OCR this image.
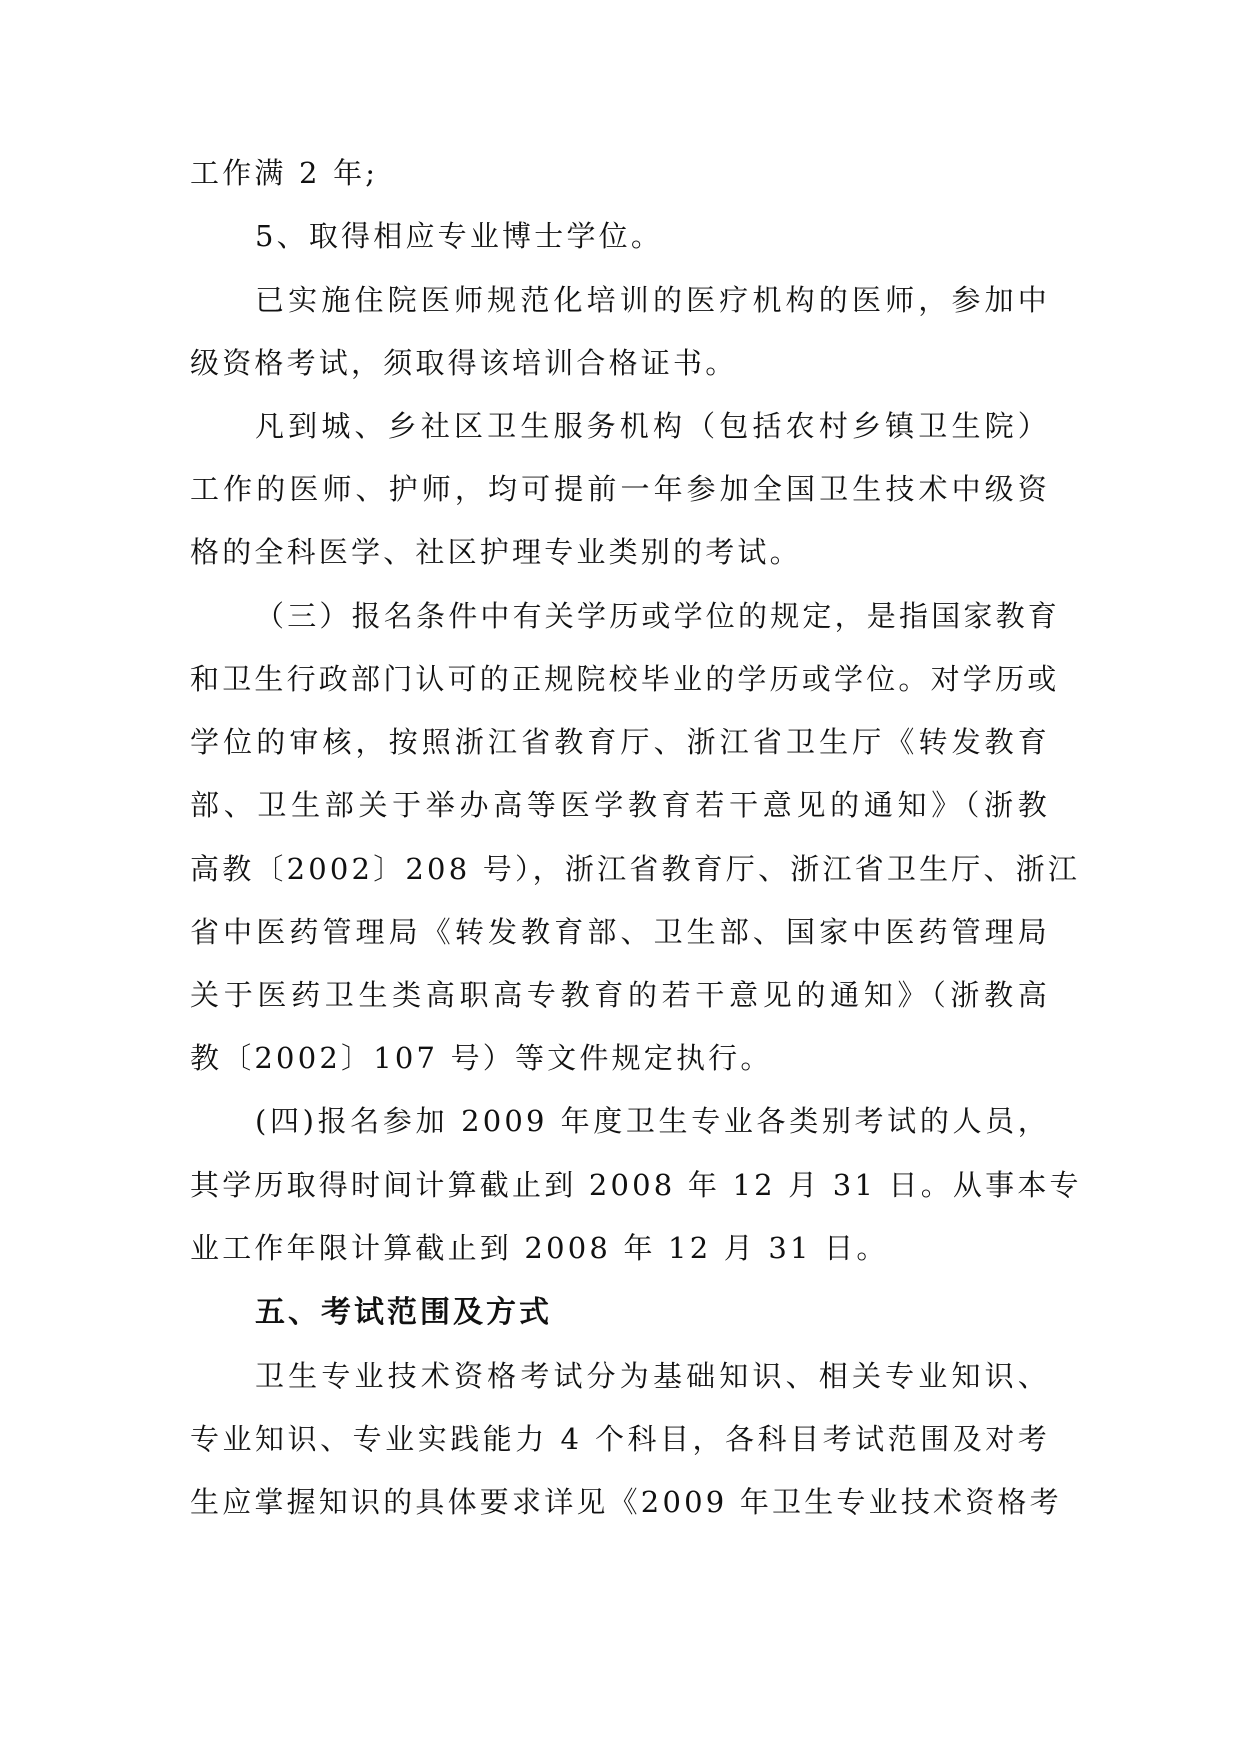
工作满 2 年;
5、取得相应专业博士学位。
已实施住院医师规范化培训的医疗机构的医师，参加中
级资格考试，须取得该培训合格证书。
凡到城、乡社区卫生服务机构（包括农村乡镇卫生院）
工作的医师、护师，均可提前一年参加全国卫生技术中级资
格的全科医学、社区护理专业类别的考试。
（三）报名条件中有关学历或学位的规定，是指国家教育
和卫生行政部门认可的正规院校毕业的学历或学位。对学历或
学位的审核，按照浙江省教育厅、浙江省卫生厅《转发教育
部、卫生部关于举办高等医学教育若干意见的通知》（浙教
高教〔2002〕208 号），浙江省教育厅、浙江省卫生厅、浙江
省中医药管理局《转发教育部、卫生部、国家中医药管理局
关于医药卫生类高职高专教育的若干意见的通知》（浙教高
教〔2002〕107 号）等文件规定执行。
(四)报名参加 2009 年度卫生专业各类别考试的人员，
其学历取得时间计算截止到 2008 年 12 月 31 日。从事本专
业工作年限计算截止到 2008 年 12 月 31 日。
五、考试范围及方式
卫生专业技术资格考试分为基础知识、相关专业知识、
专业知识、专业实践能力 4 个科目，各科目考试范围及对考
生应掌握知识的具体要求详见《2009 年卫生专业技术资格考
